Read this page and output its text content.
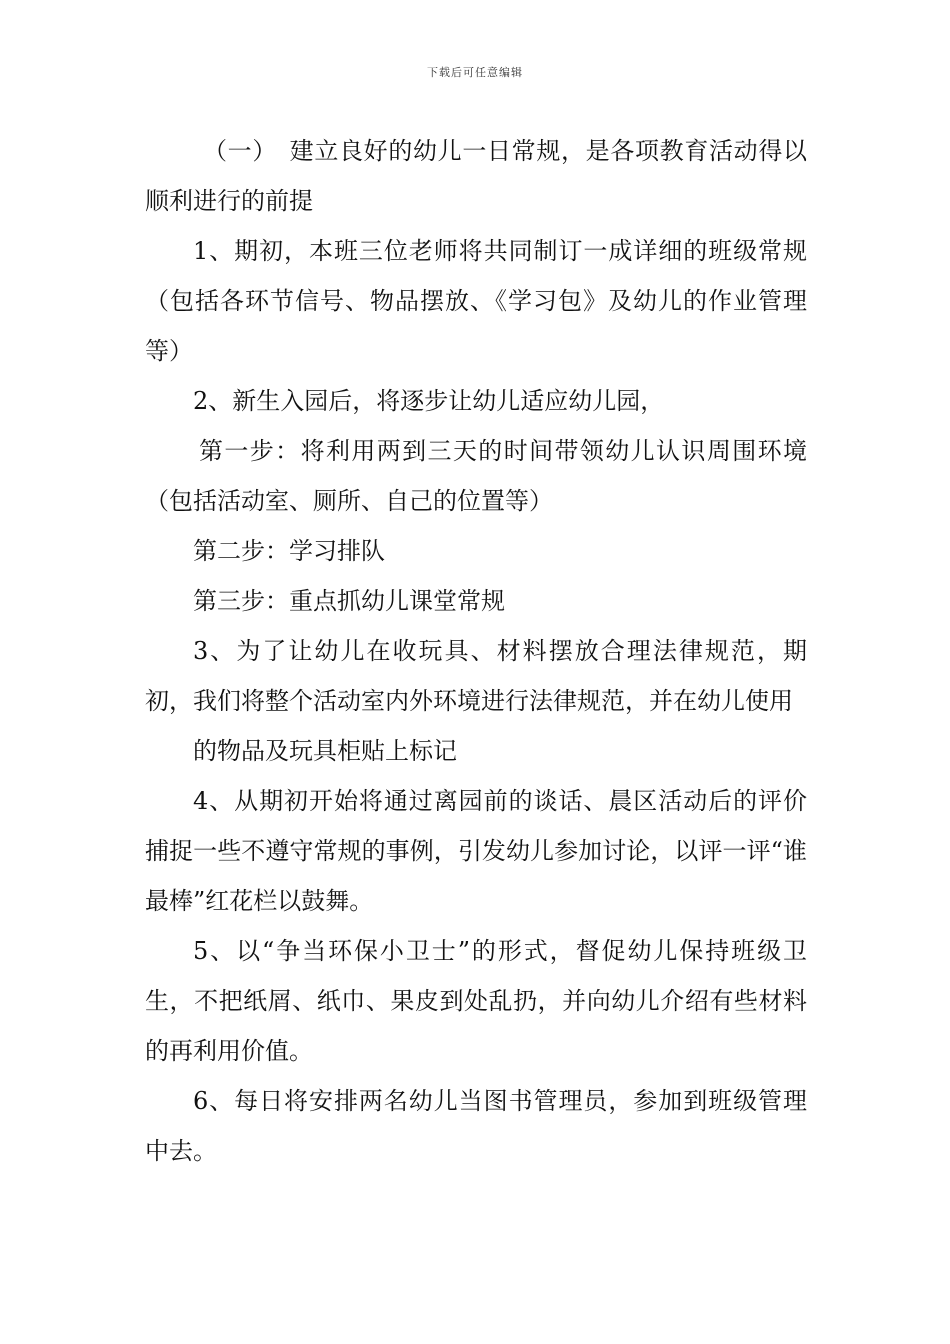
下载后可任意编辑

（一）　建立良好的幼儿一日常规，是各项教育活动得以顺利进行的前提

1、期初，本班三位老师将共同制订一成详细的班级常规（包括各环节信号、物品摆放、《学习包》及幼儿的作业管理等）

2、新生入园后，将逐步让幼儿适应幼儿园，

第一步：将利用两到三天的时间带领幼儿认识周围环境（包括活动室、厕所、自己的位置等）

第二步：学习排队

第三步：重点抓幼儿课堂常规

3、为了让幼儿在收玩具、材料摆放合理法律规范，期初，我们将整个活动室内外环境进行法律规范，并在幼儿使用

的物品及玩具柜贴上标记

4、从期初开始将通过离园前的谈话、晨区活动后的评价捕捉一些不遵守常规的事例，引发幼儿参加讨论，以评一评“谁最棒”红花栏以鼓舞。

5、以“争当环保小卫士”的形式，督促幼儿保持班级卫生，不把纸屑、纸巾、果皮到处乱扔，并向幼儿介绍有些材料的再利用价值。

6、每日将安排两名幼儿当图书管理员，参加到班级管理中去。
